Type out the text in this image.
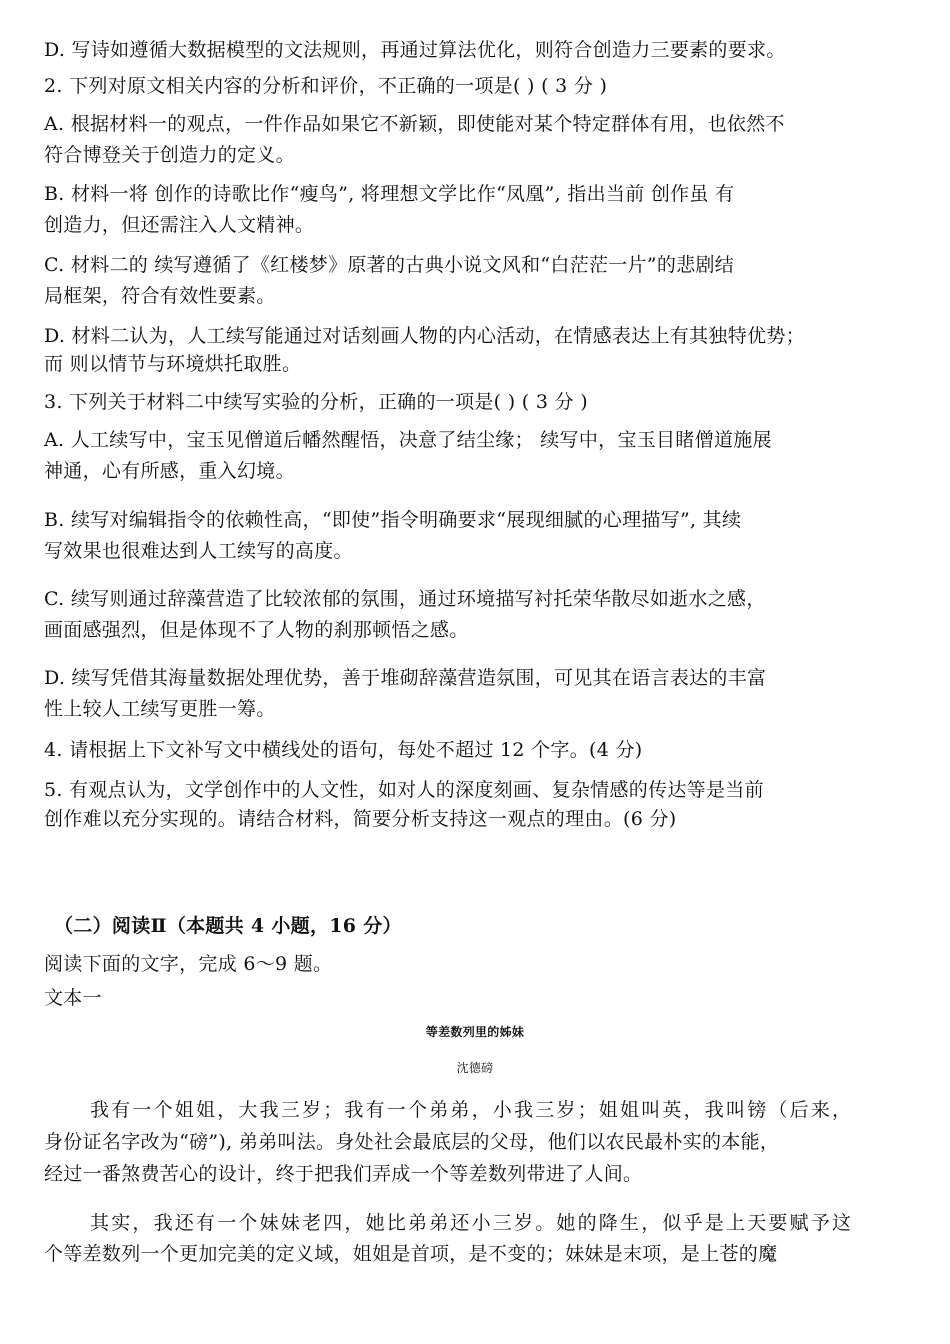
D. 写诗如遵循大数据模型的文法规则，再通过算法优化，则符合创造力三要素的要求。
2. 下列对原文相关内容的分析和评价，不正确的一项是( ) ( 3 分 )
A. 根据材料一的观点，一件作品如果它不新颖，即使能对某个特定群体有用，也依然不
符合博登关于创造力的定义。
B. 材料一将 创作的诗歌比作“瘦鸟”, 将理想文学比作“凤凰”, 指出当前 创作虽 有
创造力，但还需注入人文精神。
C. 材料二的 续写遵循了《红楼梦》原著的古典小说文风和“白茫茫一片”的悲剧结
局框架，符合有效性要素。
D. 材料二认为，人工续写能通过对话刻画人物的内心活动，在情感表达上有其独特优势；
而 则以情节与环境烘托取胜。
3. 下列关于材料二中续写实验的分析，正确的一项是( ) ( 3 分 )
A. 人工续写中，宝玉见僧道后幡然醒悟，决意了结尘缘； 续写中，宝玉目睹僧道施展
神通，心有所感，重入幻境。
B. 续写对编辑指令的依赖性高，“即使”指令明确要求“展现细腻的心理描写”, 其续
写效果也很难达到人工续写的高度。
C. 续写则通过辞藻营造了比较浓郁的氛围，通过环境描写衬托荣华散尽如逝水之感，
画面感强烈，但是体现不了人物的刹那顿悟之感。
D. 续写凭借其海量数据处理优势，善于堆砌辞藻营造氛围，可见其在语言表达的丰富
性上较人工续写更胜一筹。
4. 请根据上下文补写文中横线处的语句，每处不超过 12 个字。(4 分)
5. 有观点认为，文学创作中的人文性，如对人的深度刻画、复杂情感的传达等是当前
创作难以充分实现的。请结合材料，简要分析支持这一观点的理由。(6 分)
（二）阅读Ⅱ（本题共 4 小题，16 分）
阅读下面的文字，完成 6～9 题。
文本一
等差数列里的姊妹
沈德磅
我有一个姐姐，大我三岁；我有一个弟弟，小我三岁；姐姐叫英，我叫镑（后来，
身份证名字改为“磅”), 弟弟叫法。身处社会最底层的父母，他们以农民最朴实的本能，
经过一番煞费苦心的设计，终于把我们弄成一个等差数列带进了人间。
其实，我还有一个妹妹老四，她比弟弟还小三岁。她的降生，似乎是上天要赋予这
个等差数列一个更加完美的定义域，姐姐是首项，是不变的；妹妹是末项，是上苍的魔
